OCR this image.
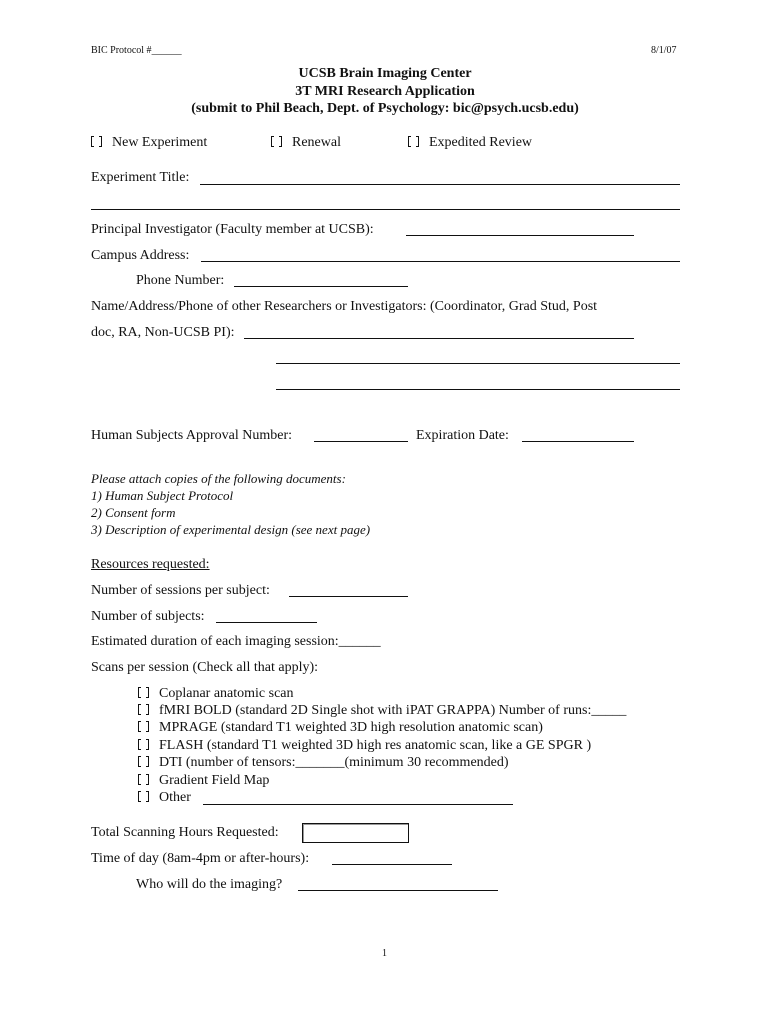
BIC Protocol #______	8/1/07
UCSB Brain Imaging Center
3T MRI Research Application
(submit to Phil Beach, Dept. of Psychology: bic@psych.ucsb.edu)
New Experiment	Renewal	Expedited Review
Experiment Title:
Principal Investigator (Faculty member at UCSB):
Campus Address:
Phone Number:
Name/Address/Phone of other Researchers or Investigators: (Coordinator, Grad Stud, Post
doc, RA, Non-UCSB PI):
Human Subjects Approval Number:	Expiration Date:
Please attach copies of the following documents:
1) Human Subject Protocol
2) Consent form
3) Description of experimental design (see next page)
Resources requested:
Number of sessions per subject:
Number of subjects:
Estimated duration of each imaging session:______
Scans per session (Check all that apply):
Coplanar anatomic scan
fMRI BOLD (standard 2D Single shot with iPAT GRAPPA) Number of runs:_____
MPRAGE (standard T1 weighted 3D high resolution anatomic scan)
FLASH (standard T1 weighted 3D high res anatomic scan, like a GE SPGR )
DTI (number of tensors:_______(minimum 30 recommended)
Gradient Field Map
Other
Total Scanning Hours Requested:
Time of day (8am-4pm or after-hours):
Who will do the imaging?
1
